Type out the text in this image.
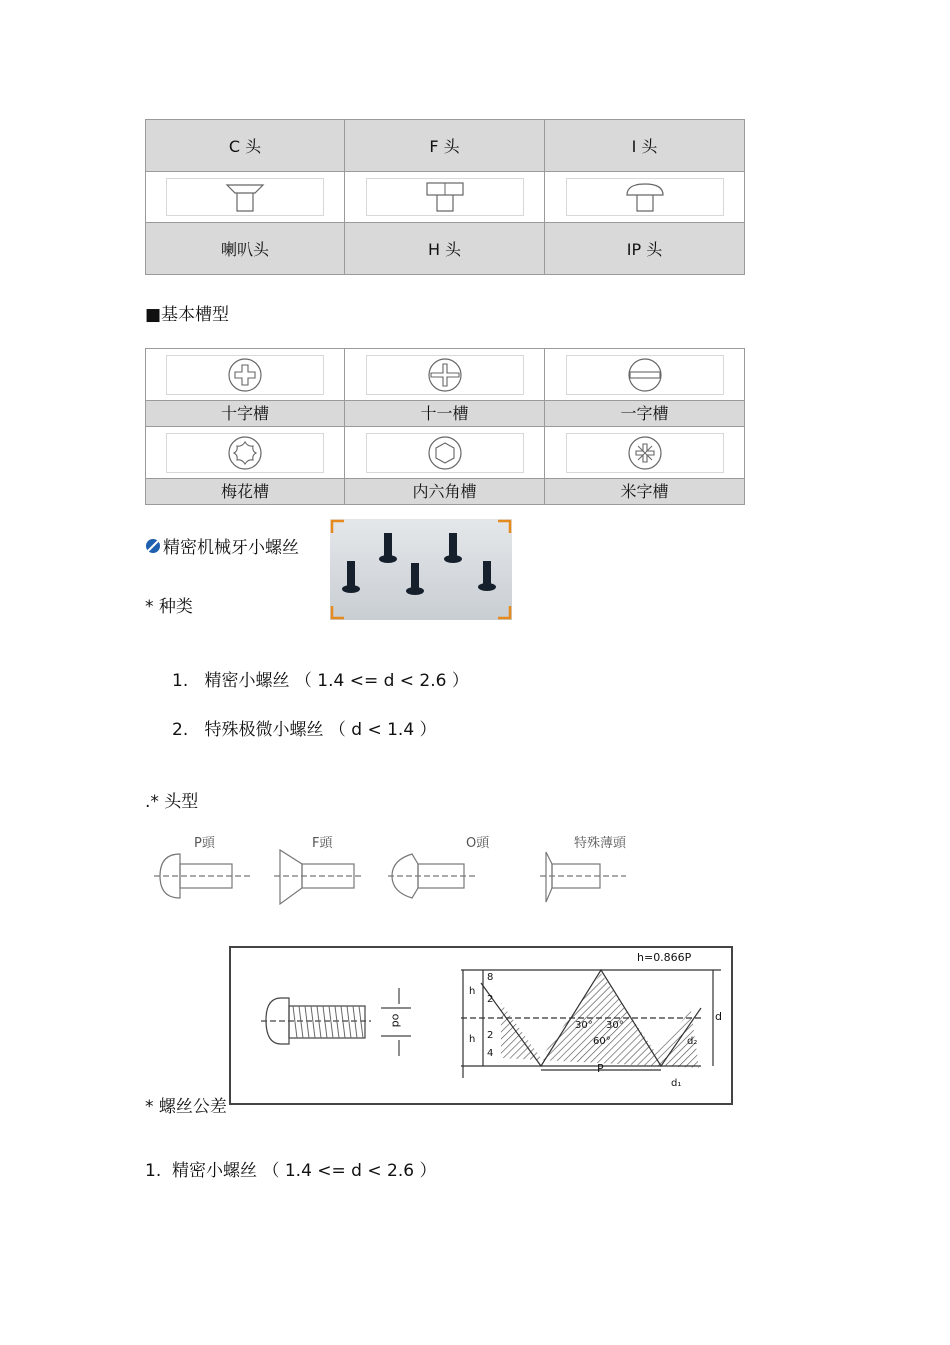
C 头	F 头	I 头

喇叭头	H 头	IP 头
■基本槽型

十字槽	十一槽	一字槽

梅花槽	内六角槽	米字槽
精密机械牙小螺丝
* 种类
1. 精密小螺丝 （ 1.4 <= d < 2.6 ）
2. 特殊极微小螺丝 （ d < 1.4 ）
.* 头型
P頭	F頭	O頭	特殊薄頭
* 螺丝公差
h=0.866P
od
P
d
d₂
d₁
30° 30°
60°
h
h
8
2
2
4
1. 精密小螺丝 （ 1.4 <= d < 2.6 ）
